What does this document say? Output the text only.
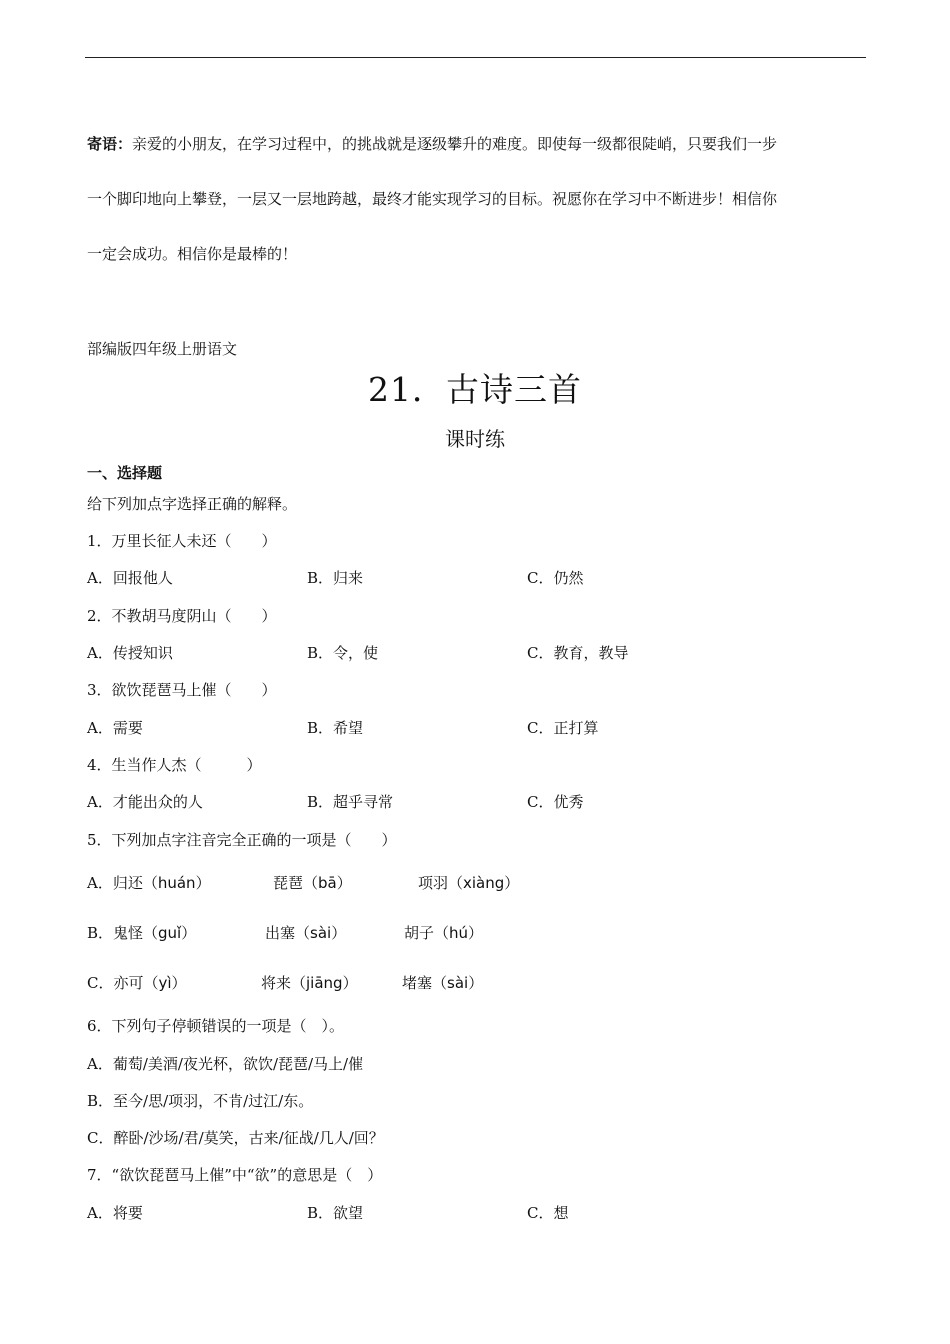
寄语：亲爱的小朋友，在学习过程中，的挑战就是逐级攀升的难度。即使每一级都很陡峭，只要我们一步
一个脚印地向上攀登，一层又一层地跨越，最终才能实现学习的目标。祝愿你在学习中不断进步！相信你
一定会成功。相信你是最棒的！
部编版四年级上册语文
21．古诗三首
课时练
一、选择题
给下列加点字选择正确的解释。
1．万里长征人未还（　　）
A．回报他人	B．归来	C．仍然
2．不教胡马度阴山（　　）
A．传授知识	B．令，使	C．教育，教导
3．欲饮琵琶马上催（　　）
A．需要	B．希望	C．正打算
4．生当作人杰（　　　）
A．才能出众的人	B．超乎寻常	C．优秀
5．下列加点字注音完全正确的一项是（　　）
A．归还（huán）	琵琶（bā）	项羽（xiàng）
B．鬼怪（guǐ）	出塞（sài）	胡子（hú）
C．亦可（yì）	将来（jiāng）	堵塞（sài）
6．下列句子停顿错误的一项是（　）。
A．葡萄/美酒/夜光杯，欲饮/琵琶/马上/催
B．至今/思/项羽，不肯/过江/东。
C．醉卧/沙场/君/莫笑，古来/征战/几人/回？
7．“欲饮琵琶马上催”中“欲”的意思是（　）
A．将要	B．欲望	C．想
